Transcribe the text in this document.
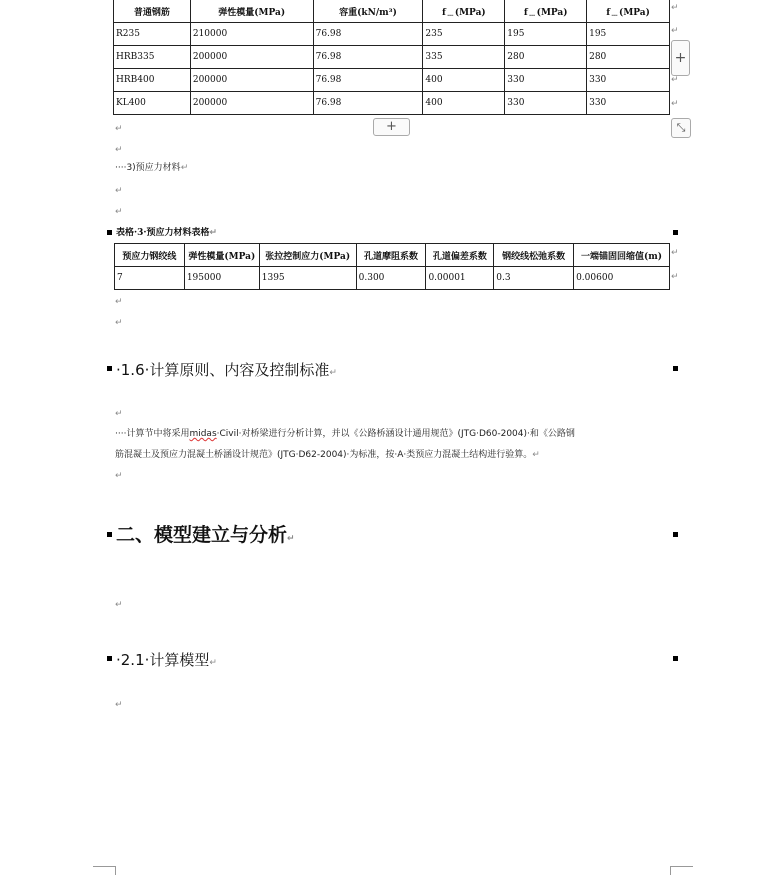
普通钢筋	弹性模量(MPa)	容重(kN/m³)	f﹍(MPa)	f﹍(MPa)	f﹍(MPa)
R235	210000	76.98	235	195	195
HRB335	200000	76.98	335	280	280
HRB400	200000	76.98	400	330	330
KL400	200000	76.98	400	330	330
+
+	⤡
↵
↵
↵
↵
↵
↵
····3)预应力材料↵
↵
↵
表格·3·预应力材料表格↵
预应力钢绞线	弹性模量(MPa)	张拉控制应力(MPa)	孔道摩阻系数	孔道偏差系数	钢绞线松弛系数	一端锚固回缩值(m)
7	195000	1395	0.300	0.00001	0.3	0.00600
↵
↵
↵
↵
·1.6·计算原则、内容及控制标准↵
↵
····计算节中将采用midas·Civil·对桥梁进行分析计算，并以《公路桥涵设计通用规范》(JTG·D60-2004)·和《公路钢
筋混凝土及预应力混凝土桥涵设计规范》(JTG·D62-2004)·为标准，按·A·类预应力混凝土结构进行验算。↵
↵
二、模型建立与分析↵
↵
·2.1·计算模型↵
↵
